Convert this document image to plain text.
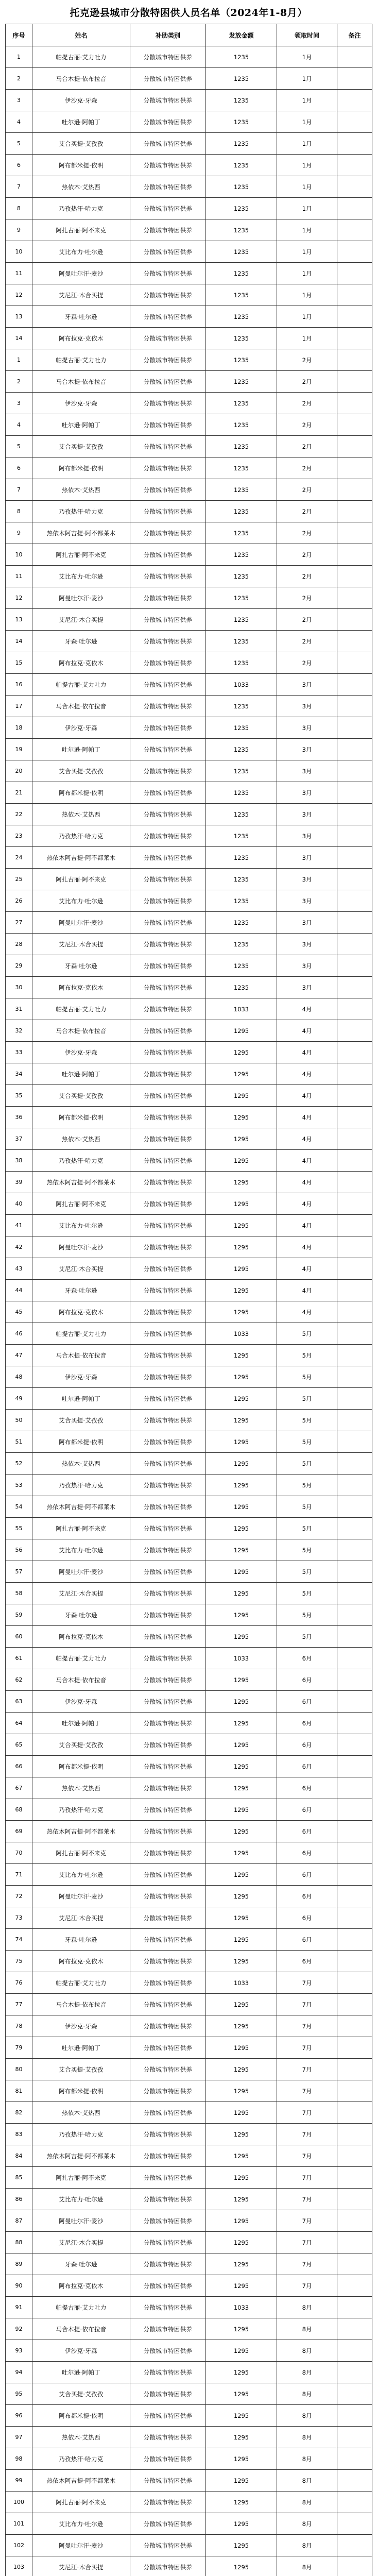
托克逊县城市分散特困供人员名单（2024年1-8月）
序号	姓名	补助类别	发放金额	领取时间	备注
1	帕提古丽·艾力吐力	分散城市特困供养	1235	1月	
2	马合木提·依布拉音	分散城市特困供养	1235	1月	
3	伊沙克·牙森	分散城市特困供养	1235	1月	
4	吐尔逊·阿帕丁	分散城市特困供养	1235	1月	
5	艾合买提·艾孜孜	分散城市特困供养	1235	1月	
6	阿布都米提·依明	分散城市特困供养	1235	1月	
7	热依木·艾热西	分散城市特困供养	1235	1月	
8	乃孜热汗·哈力克	分散城市特困供养	1235	1月	
9	阿扎古丽·阿不来克	分散城市特困供养	1235	1月	
10	艾比布力·吐尔逊	分散城市特困供养	1235	1月	
11	阿曼吐尔汗·麦沙	分散城市特困供养	1235	1月	
12	艾尼江·木合买提	分散城市特困供养	1235	1月	
13	牙森·吐尔逊	分散城市特困供养	1235	1月	
14	阿布拉克·克依木	分散城市特困供养	1235	1月	
1	帕提古丽·艾力吐力	分散城市特困供养	1235	2月	
2	马合木提·依布拉音	分散城市特困供养	1235	2月	
3	伊沙克·牙森	分散城市特困供养	1235	2月	
4	吐尔逊·阿帕丁	分散城市特困供养	1235	2月	
5	艾合买提·艾孜孜	分散城市特困供养	1235	2月	
6	阿布都米提·依明	分散城市特困供养	1235	2月	
7	热依木·艾热西	分散城市特困供养	1235	2月	
8	乃孜热汗·哈力克	分散城市特困供养	1235	2月	
9	热依木阿吉提·阿不都莱木	分散城市特困供养	1235	2月	
10	阿扎古丽·阿不来克	分散城市特困供养	1235	2月	
11	艾比布力·吐尔逊	分散城市特困供养	1235	2月	
12	阿曼吐尔汗·麦沙	分散城市特困供养	1235	2月	
13	艾尼江·木合买提	分散城市特困供养	1235	2月	
14	牙森·吐尔逊	分散城市特困供养	1235	2月	
15	阿布拉克·克依木	分散城市特困供养	1235	2月	
16	帕提古丽·艾力吐力	分散城市特困供养	1033	3月	
17	马合木提·依布拉音	分散城市特困供养	1235	3月	
18	伊沙克·牙森	分散城市特困供养	1235	3月	
19	吐尔逊·阿帕丁	分散城市特困供养	1235	3月	
20	艾合买提·艾孜孜	分散城市特困供养	1235	3月	
21	阿布都米提·依明	分散城市特困供养	1235	3月	
22	热依木·艾热西	分散城市特困供养	1235	3月	
23	乃孜热汗·哈力克	分散城市特困供养	1235	3月	
24	热依木阿吉提·阿不都莱木	分散城市特困供养	1235	3月	
25	阿扎古丽·阿不来克	分散城市特困供养	1235	3月	
26	艾比布力·吐尔逊	分散城市特困供养	1235	3月	
27	阿曼吐尔汗·麦沙	分散城市特困供养	1235	3月	
28	艾尼江·木合买提	分散城市特困供养	1235	3月	
29	牙森·吐尔逊	分散城市特困供养	1235	3月	
30	阿布拉克·克依木	分散城市特困供养	1235	3月	
31	帕提古丽·艾力吐力	分散城市特困供养	1033	4月	
32	马合木提·依布拉音	分散城市特困供养	1295	4月	
33	伊沙克·牙森	分散城市特困供养	1295	4月	
34	吐尔逊·阿帕丁	分散城市特困供养	1295	4月	
35	艾合买提·艾孜孜	分散城市特困供养	1295	4月	
36	阿布都米提·依明	分散城市特困供养	1295	4月	
37	热依木·艾热西	分散城市特困供养	1295	4月	
38	乃孜热汗·哈力克	分散城市特困供养	1295	4月	
39	热依木阿吉提·阿不都莱木	分散城市特困供养	1295	4月	
40	阿扎古丽·阿不来克	分散城市特困供养	1295	4月	
41	艾比布力·吐尔逊	分散城市特困供养	1295	4月	
42	阿曼吐尔汗·麦沙	分散城市特困供养	1295	4月	
43	艾尼江·木合买提	分散城市特困供养	1295	4月	
44	牙森·吐尔逊	分散城市特困供养	1295	4月	
45	阿布拉克·克依木	分散城市特困供养	1295	4月	
46	帕提古丽·艾力吐力	分散城市特困供养	1033	5月	
47	马合木提·依布拉音	分散城市特困供养	1295	5月	
48	伊沙克·牙森	分散城市特困供养	1295	5月	
49	吐尔逊·阿帕丁	分散城市特困供养	1295	5月	
50	艾合买提·艾孜孜	分散城市特困供养	1295	5月	
51	阿布都米提·依明	分散城市特困供养	1295	5月	
52	热依木·艾热西	分散城市特困供养	1295	5月	
53	乃孜热汗·哈力克	分散城市特困供养	1295	5月	
54	热依木阿吉提·阿不都莱木	分散城市特困供养	1295	5月	
55	阿扎古丽·阿不来克	分散城市特困供养	1295	5月	
56	艾比布力·吐尔逊	分散城市特困供养	1295	5月	
57	阿曼吐尔汗·麦沙	分散城市特困供养	1295	5月	
58	艾尼江·木合买提	分散城市特困供养	1295	5月	
59	牙森·吐尔逊	分散城市特困供养	1295	5月	
60	阿布拉克·克依木	分散城市特困供养	1295	5月	
61	帕提古丽·艾力吐力	分散城市特困供养	1033	6月	
62	马合木提·依布拉音	分散城市特困供养	1295	6月	
63	伊沙克·牙森	分散城市特困供养	1295	6月	
64	吐尔逊·阿帕丁	分散城市特困供养	1295	6月	
65	艾合买提·艾孜孜	分散城市特困供养	1295	6月	
66	阿布都米提·依明	分散城市特困供养	1295	6月	
67	热依木·艾热西	分散城市特困供养	1295	6月	
68	乃孜热汗·哈力克	分散城市特困供养	1295	6月	
69	热依木阿吉提·阿不都莱木	分散城市特困供养	1295	6月	
70	阿扎古丽·阿不来克	分散城市特困供养	1295	6月	
71	艾比布力·吐尔逊	分散城市特困供养	1295	6月	
72	阿曼吐尔汗·麦沙	分散城市特困供养	1295	6月	
73	艾尼江·木合买提	分散城市特困供养	1295	6月	
74	牙森·吐尔逊	分散城市特困供养	1295	6月	
75	阿布拉克·克依木	分散城市特困供养	1295	6月	
76	帕提古丽·艾力吐力	分散城市特困供养	1033	7月	
77	马合木提·依布拉音	分散城市特困供养	1295	7月	
78	伊沙克·牙森	分散城市特困供养	1295	7月	
79	吐尔逊·阿帕丁	分散城市特困供养	1295	7月	
80	艾合买提·艾孜孜	分散城市特困供养	1295	7月	
81	阿布都米提·依明	分散城市特困供养	1295	7月	
82	热依木·艾热西	分散城市特困供养	1295	7月	
83	乃孜热汗·哈力克	分散城市特困供养	1295	7月	
84	热依木阿吉提·阿不都莱木	分散城市特困供养	1295	7月	
85	阿扎古丽·阿不来克	分散城市特困供养	1295	7月	
86	艾比布力·吐尔逊	分散城市特困供养	1295	7月	
87	阿曼吐尔汗·麦沙	分散城市特困供养	1295	7月	
88	艾尼江·木合买提	分散城市特困供养	1295	7月	
89	牙森·吐尔逊	分散城市特困供养	1295	7月	
90	阿布拉克·克依木	分散城市特困供养	1295	7月	
91	帕提古丽·艾力吐力	分散城市特困供养	1033	8月	
92	马合木提·依布拉音	分散城市特困供养	1295	8月	
93	伊沙克·牙森	分散城市特困供养	1295	8月	
94	吐尔逊·阿帕丁	分散城市特困供养	1295	8月	
95	艾合买提·艾孜孜	分散城市特困供养	1295	8月	
96	阿布都米提·依明	分散城市特困供养	1295	8月	
97	热依木·艾热西	分散城市特困供养	1295	8月	
98	乃孜热汗·哈力克	分散城市特困供养	1295	8月	
99	热依木阿吉提·阿不都莱木	分散城市特困供养	1295	8月	
100	阿扎古丽·阿不来克	分散城市特困供养	1295	8月	
101	艾比布力·吐尔逊	分散城市特困供养	1295	8月	
102	阿曼吐尔汗·麦沙	分散城市特困供养	1295	8月	
103	艾尼江·木合买提	分散城市特困供养	1295	8月	
